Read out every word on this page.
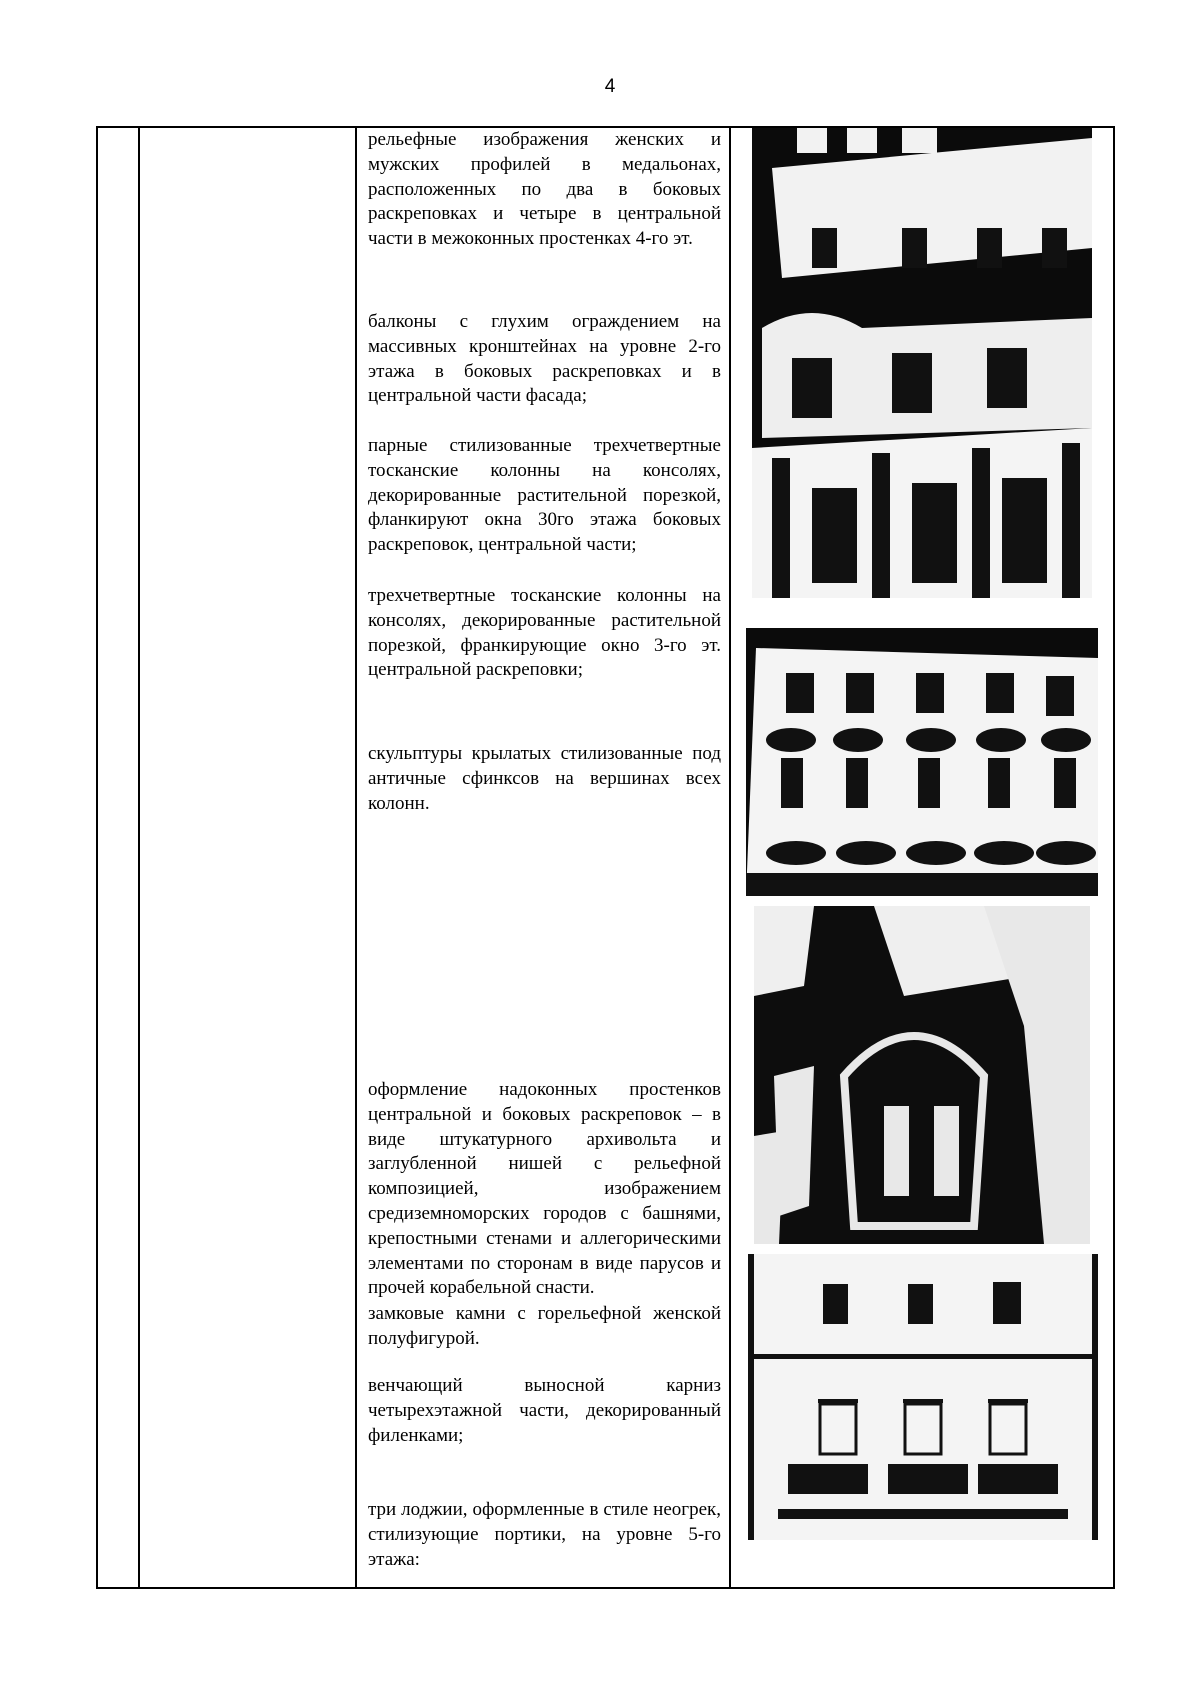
4

рельефные изображения женских и мужских профилей в медальонах, расположенных по два в боковых раскреповках и четыре в центральной части в межоконных простенках 4-го эт.

балконы с глухим ограждением на массивных кронштейнах на уровне 2-го этажа в боковых раскреповках и в центральной части фасада;

парные стилизованные трехчетвертные тосканские колонны на консолях, декорированные растительной порезкой, фланкируют окна 30го этажа боковых раскреповок, центральной части;

трехчетвертные тосканские колонны на консолях, декорированные растительной порезкой, франкирующие окно 3-го эт. центральной раскреповки;

скульптуры крылатых стилизованные под античные сфинксов на вершинах всех колонн.

оформление надоконных простенков центральной и боковых раскреповок – в виде штукатурного архивольта и заглубленной нишей с рельефной композицией, изображением средиземноморских городов с башнями, крепостными стенами и аллегорическими элементами по сторонам в виде парусов и прочей корабельной снасти.

замковые камни с горельефной женской полуфигурой.

венчающий выносной карниз четырехэтажной части, декорированный филенками;

три лоджии, оформленные в стиле неогрек, стилизующие портики, на уровне 5-го этажа:
